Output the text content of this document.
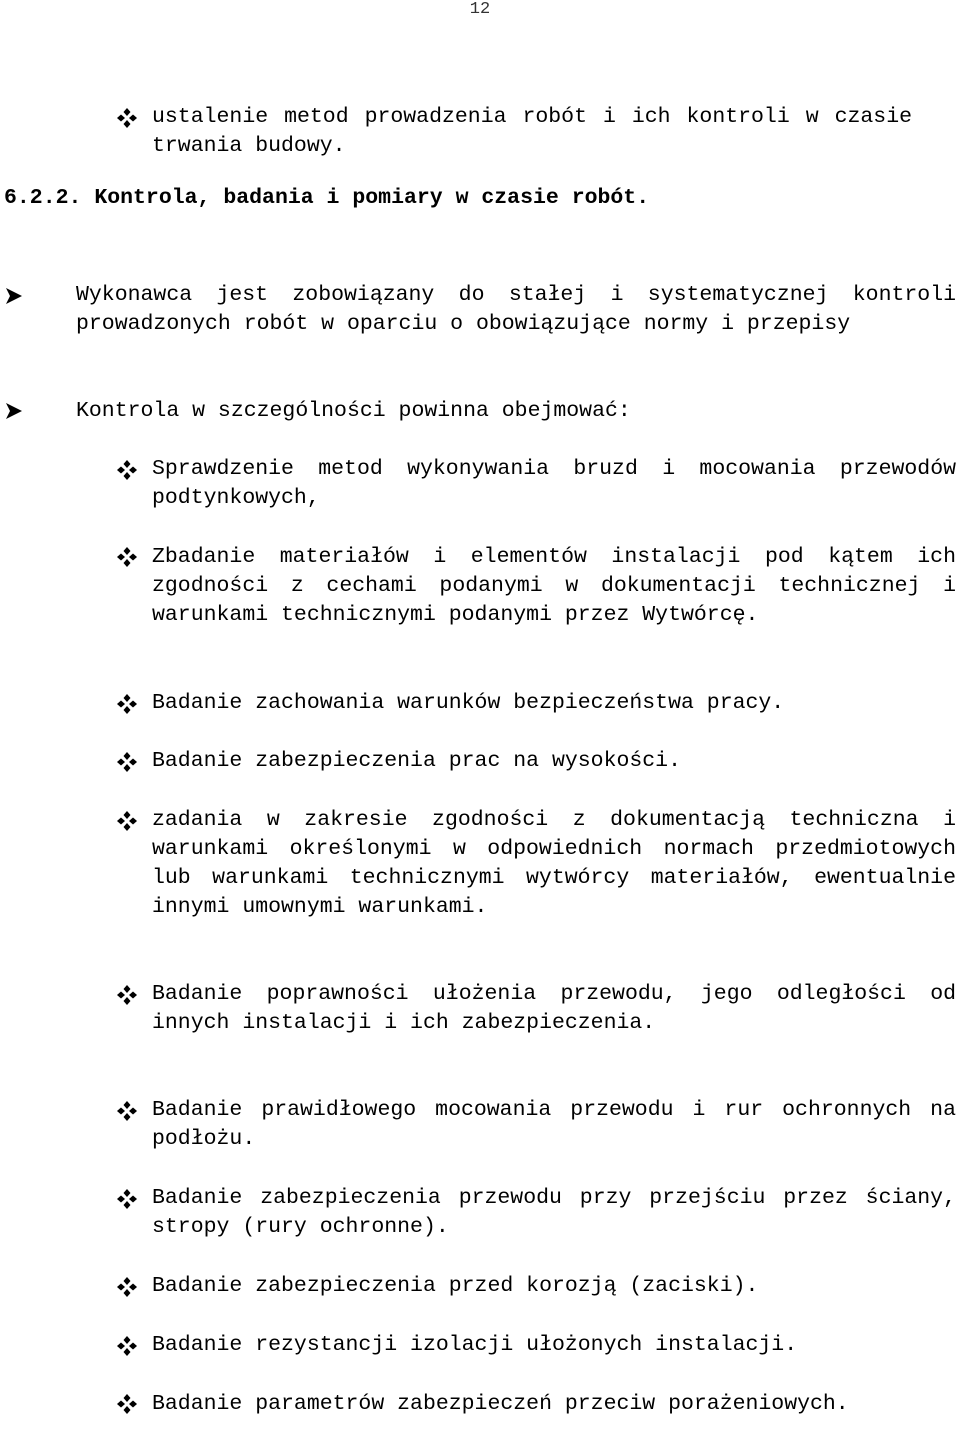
12
ustalenie metod prowadzenia robót i ich kontroli w czasie trwania budowy.
6.2.2. Kontrola, badania i pomiary w czasie robót.
Wykonawca jest zobowiązany do stałej i systematycznej kontroli prowadzonych robót w oparciu o obowiązujące normy i przepisy
Kontrola w szczególności powinna obejmować:
Sprawdzenie metod wykonywania bruzd i mocowania przewodów podtynkowych,
Zbadanie materiałów i elementów instalacji pod kątem ich zgodności z cechami podanymi w dokumentacji technicznej i warunkami technicznymi podanymi przez Wytwórcę.
Badanie zachowania warunków bezpieczeństwa pracy.
Badanie zabezpieczenia prac na wysokości.
zadania w zakresie zgodności z dokumentacją techniczna i warunkami określonymi w odpowiednich normach przedmiotowych lub warunkami technicznymi wytwórcy materiałów, ewentualnie innymi umownymi warunkami.
Badanie poprawności ułożenia przewodu, jego odległości od innych instalacji i ich zabezpieczenia.
Badanie prawidłowego mocowania przewodu i rur ochronnych na podłożu.
Badanie zabezpieczenia przewodu przy przejściu przez ściany, stropy (rury ochronne).
Badanie zabezpieczenia przed korozją (zaciski).
Badanie rezystancji izolacji ułożonych instalacji.
Badanie parametrów zabezpieczeń przeciw porażeniowych.
